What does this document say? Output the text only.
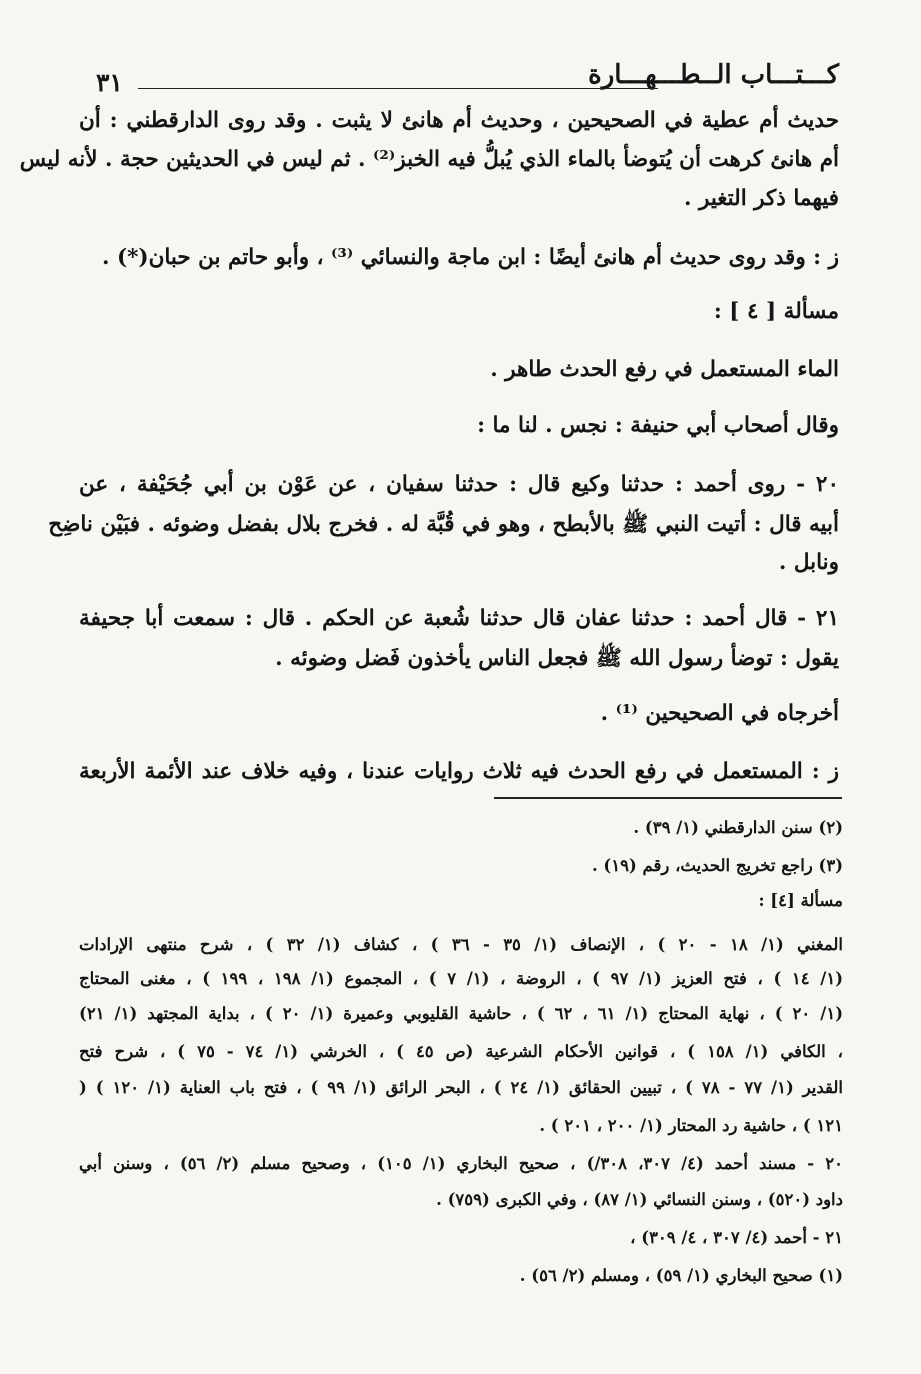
كـــتـــاب الــطـــهـــارة
٣١
حديث أم عطية في الصحيحين ، وحديث أم هانئ لا يثبت . وقد روى الدارقطني : أن
أم هانئ كرهت أن يُتوضأ بالماء الذي يُبلُّ فيه الخبز⁽²⁾ . ثم ليس في الحديثين حجة . لأنه ليس
فيهما ذكر التغير .
ز : وقد روى حديث أم هانئ أيضًا : ابن ماجة والنسائي ⁽³⁾ ، وأبو حاتم بن حبان(*) .
مسألة [ ٤ ] :
الماء المستعمل في رفع الحدث طاهر .
وقال أصحاب أبي حنيفة : نجس . لنا ما :
٢٠ - روى أحمد : حدثنا وكيع قال : حدثنا سفيان ، عن عَوْن بن أبي جُحَيْفة ، عن
أبيه قال : أتيت النبي ﷺ بالأبطح ، وهو في قُبَّة له . فخرج بلال بفضل وضوئه . فبَيْن ناضِح
ونابل .
٢١ - قال أحمد : حدثنا عفان قال حدثنا شُعبة عن الحكم . قال : سمعت أبا جحيفة
يقول : توضأ رسول الله ﷺ فجعل الناس يأخذون فَضل وضوئه .
أخرجاه في الصحيحين ⁽¹⁾ .
ز : المستعمل في رفع الحدث فيه ثلاث روايات عندنا ، وفيه خلاف عند الأئمة الأربعة
(٢) سنن الدارقطني (١/ ٣٩) .
(٣) راجع تخريج الحديث، رقم (١٩) .
مسألة [٤] :
المغني (١/ ١٨ - ٢٠ ) ، الإنصاف (١/ ٣٥ - ٣٦ ) ، كشاف (١/ ٣٢ ) ، شرح منتهى الإرادات
(١/ ١٤ ) ، فتح العزيز (١/ ٩٧ ) ، الروضة ، (١/ ٧ ) ، المجموع (١/ ١٩٨ ، ١٩٩ ) ، مغنى المحتاج
(١/ ٢٠ ) ، نهاية المحتاج (١/ ٦١ ، ٦٢ ) ، حاشية القليوبي وعميرة (١/ ٢٠ ) ، بداية المجتهد (١/ ٢١)
، الكافي (١/ ١٥٨ ) ، قوانين الأحكام الشرعية (ص ٤٥ ) ، الخرشي (١/ ٧٤ - ٧٥ ) ، شرح فتح
القدير (١/ ٧٧ - ٧٨ ) ، تبيين الحقائق (١/ ٢٤ ) ، البحر الرائق (١/ ٩٩ ) ، فتح باب العناية (١/ ١٢٠ ) (
١٢١ ) ، حاشية رد المحتار (١/ ٢٠٠ ، ٢٠١ ) .
٢٠ - مسند أحمد (٤/ ٣٠٧، ٣٠٨/) ، صحيح البخاري (١/ ١٠٥) ، وصحيح مسلم (٢/ ٥٦) ، وسنن أبي
داود (٥٢٠) ، وسنن النسائي (١/ ٨٧) ، وفي الكبرى (٧٥٩) .
٢١ - أحمد (٤/ ٣٠٧ ، ٤/ ٣٠٩) ،
(١) صحيح البخاري (١/ ٥٩) ، ومسلم (٢/ ٥٦) .
